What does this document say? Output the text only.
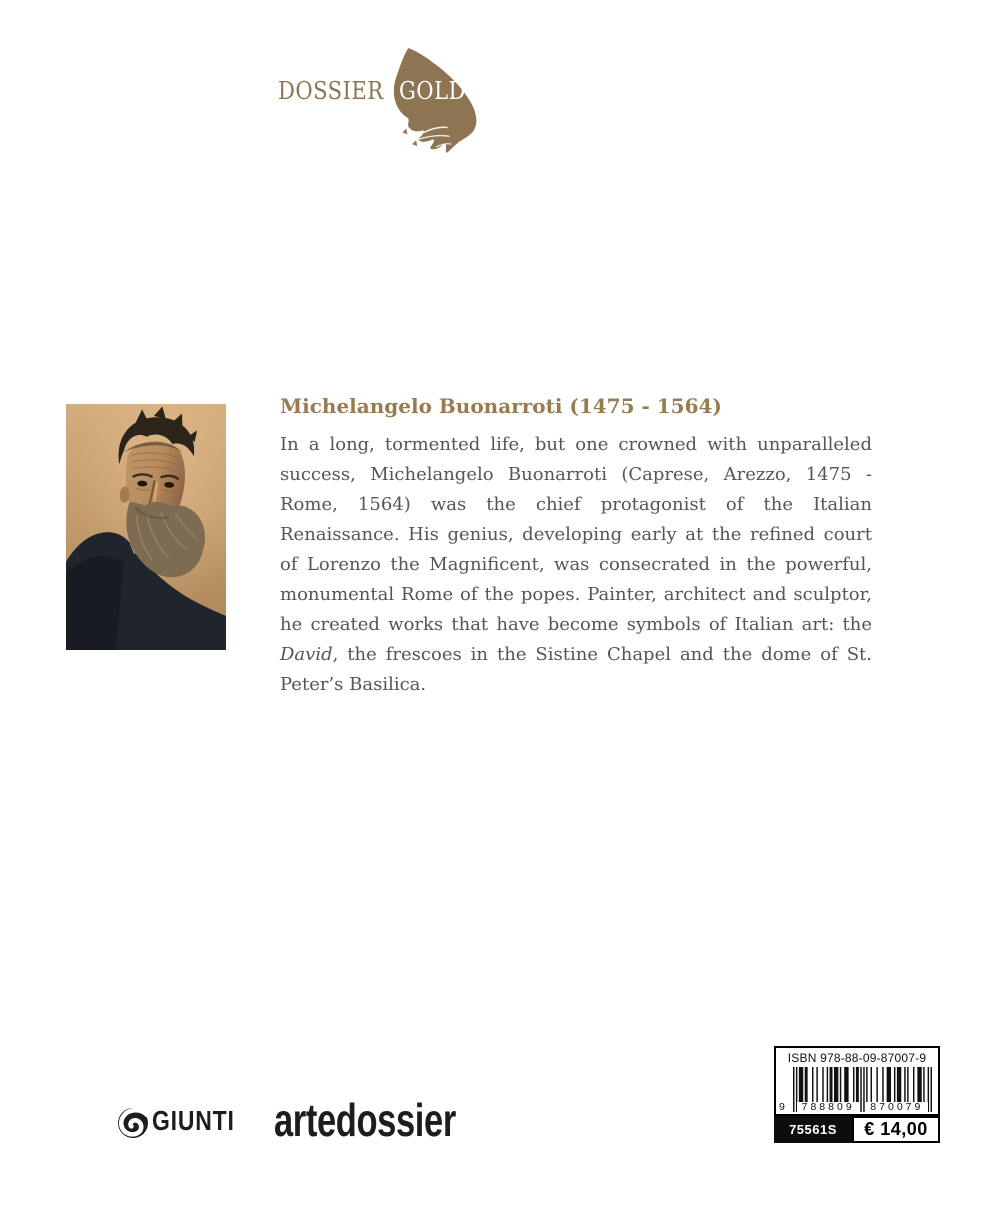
DOSSIER GOLD
Michelangelo Buonarroti (1475 - 1564)

In a long, tormented life, but one crowned with unparalleled success, Michelangelo Buonarroti (Caprese, Arezzo, 1475 - Rome, 1564) was the chief protagonist of the Italian Renaissance. His genius, developing early at the refined court of Lorenzo the Magnificent, was consecrated in the powerful, monumental Rome of the popes. Painter, architect and sculptor, he created works that have become symbols of Italian art: the David, the frescoes in the Sistine Chapel and the dome of St. Peter’s Basilica.

GIUNTI artedossier
ISBN 978-88-09-87007-9
9	788809	870079
75561S € 14,00
